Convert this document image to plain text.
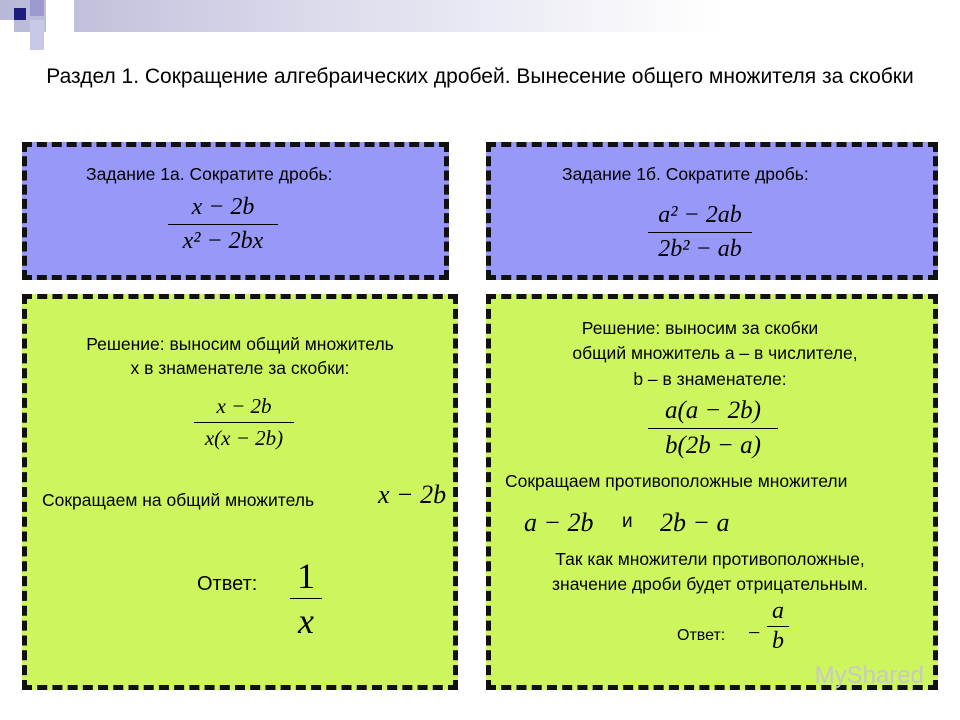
Раздел 1. Сокращение алгебраических дробей. Вынесение общего множителя за скобки
Задание 1а. Сократите дробь:
x − 2b
x² − 2bx
Задание 1б. Сократите дробь:
a² − 2ab
2b² − ab
Решение: выносим общий множитель
x в знаменателе за скобки:
x − 2b
x(x − 2b)
Сокращаем на общий множитель x − 2b
Ответ: 1
x
Решение: выносим за скобки
общий множитель a – в числителе,
b – в знаменателе:
a(a − 2b)
b(2b − a)
Сокращаем противоположные множители
a − 2b и 2b − a
Так как множители противоположные,
значение дроби будет отрицательным.
Ответ: −
a
b
MyShared
